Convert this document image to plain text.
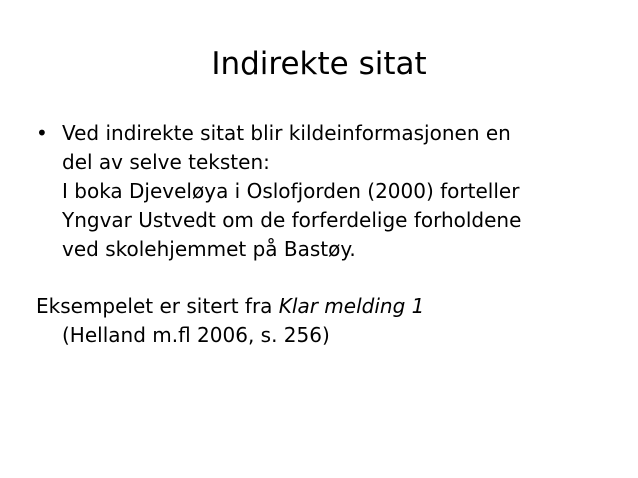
Indirekte sitat
• Ved indirekte sitat blir kildeinformasjonen en
del av selve teksten:
I boka Djeveløya i Oslofjorden (2000) forteller
Yngvar Ustvedt om de forferdelige forholdene
ved skolehjemmet på Bastøy.
Eksempelet er sitert fra Klar melding 1
(Helland m.fl 2006, s. 256)
